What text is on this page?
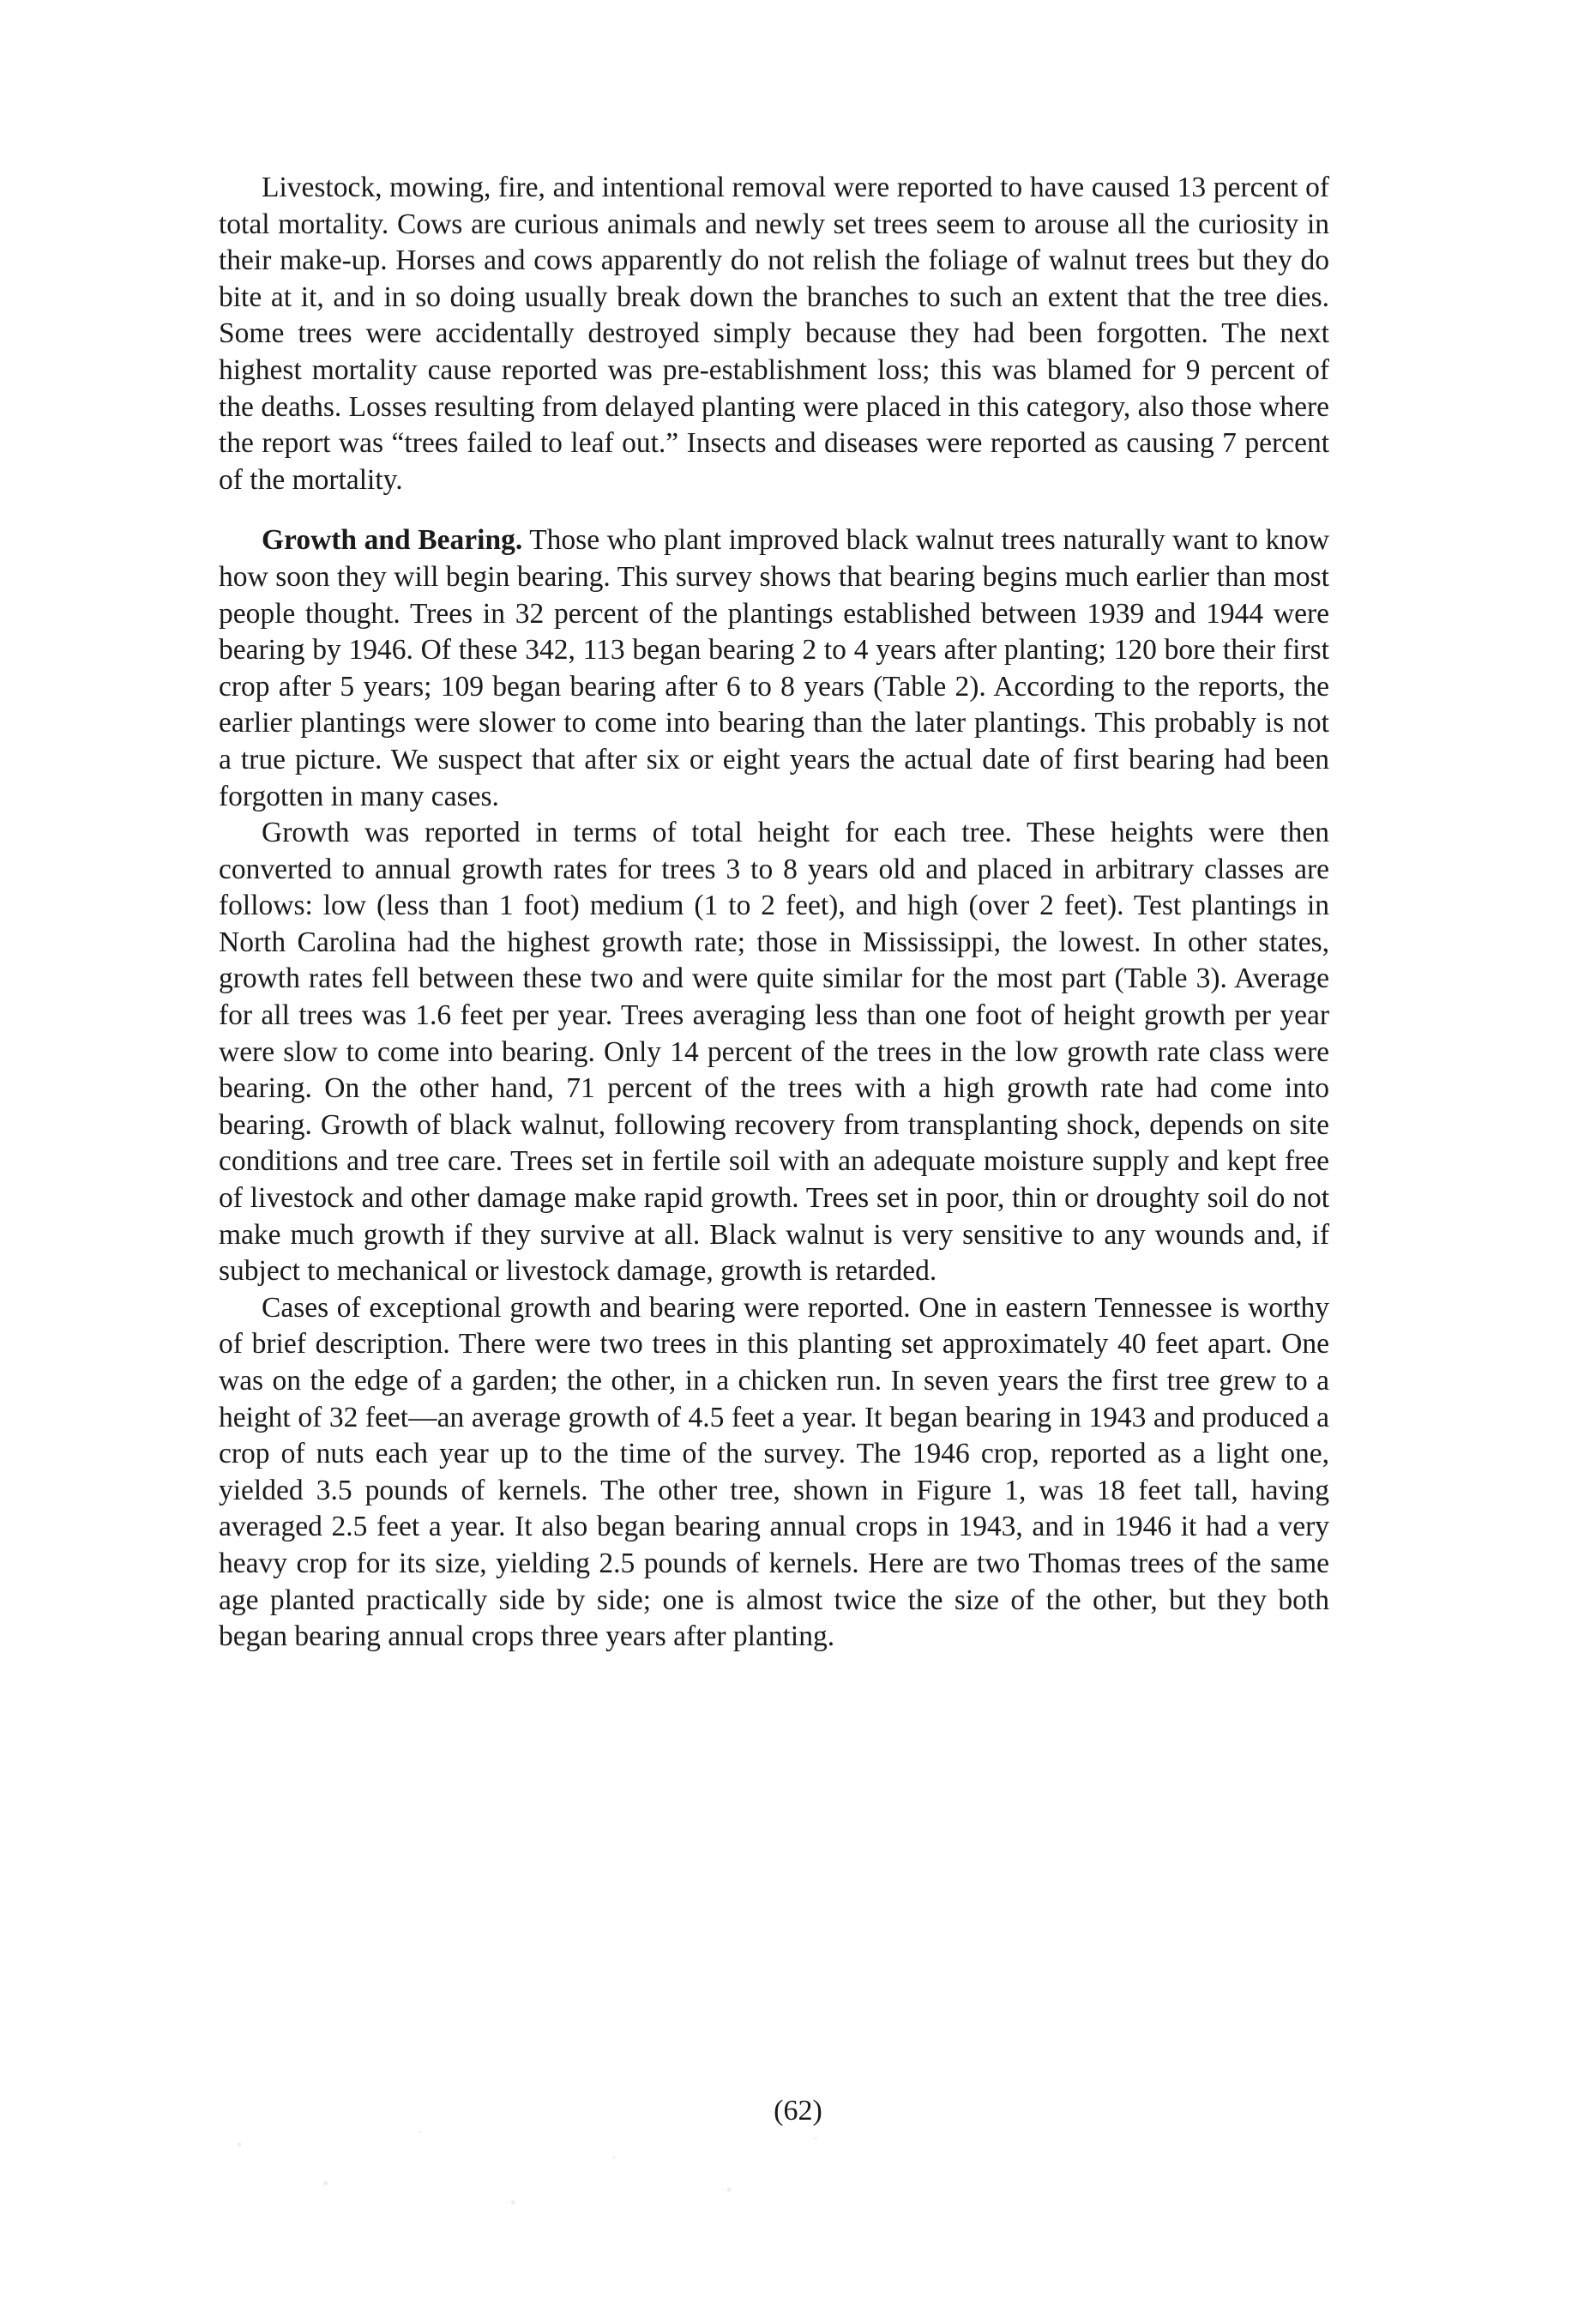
Livestock, mowing, fire, and intentional removal were reported to have caused 13 percent of total mortality. Cows are curious animals and newly set trees seem to arouse all the curiosity in their make-up. Horses and cows apparently do not relish the foliage of walnut trees but they do bite at it, and in so doing usually break down the branches to such an extent that the tree dies. Some trees were accidentally destroyed simply because they had been forgotten. The next highest mortality cause reported was pre-establishment loss; this was blamed for 9 percent of the deaths. Losses resulting from delayed planting were placed in this category, also those where the report was “trees failed to leaf out.” Insects and diseases were reported as causing 7 percent of the mortality.

Growth and Bearing. Those who plant improved black walnut trees naturally want to know how soon they will begin bearing. This survey shows that bearing begins much earlier than most people thought. Trees in 32 percent of the plantings established between 1939 and 1944 were bearing by 1946. Of these 342, 113 began bearing 2 to 4 years after planting; 120 bore their first crop after 5 years; 109 began bearing after 6 to 8 years (Table 2). According to the reports, the earlier plantings were slower to come into bearing than the later plantings. This probably is not a true picture. We suspect that after six or eight years the actual date of first bearing had been forgotten in many cases.

Growth was reported in terms of total height for each tree. These heights were then converted to annual growth rates for trees 3 to 8 years old and placed in arbitrary classes are follows: low (less than 1 foot) medium (1 to 2 feet), and high (over 2 feet). Test plantings in North Carolina had the highest growth rate; those in Mississippi, the lowest. In other states, growth rates fell between these two and were quite similar for the most part (Table 3). Average for all trees was 1.6 feet per year. Trees averaging less than one foot of height growth per year were slow to come into bearing. Only 14 percent of the trees in the low growth rate class were bearing. On the other hand, 71 percent of the trees with a high growth rate had come into bearing. Growth of black walnut, following recovery from transplanting shock, depends on site conditions and tree care. Trees set in fertile soil with an adequate moisture supply and kept free of livestock and other damage make rapid growth. Trees set in poor, thin or droughty soil do not make much growth if they survive at all. Black walnut is very sensitive to any wounds and, if subject to mechanical or livestock damage, growth is retarded.

Cases of exceptional growth and bearing were reported. One in eastern Tennessee is worthy of brief description. There were two trees in this planting set approximately 40 feet apart. One was on the edge of a garden; the other, in a chicken run. In seven years the first tree grew to a height of 32 feet—an average growth of 4.5 feet a year. It began bearing in 1943 and produced a crop of nuts each year up to the time of the survey. The 1946 crop, reported as a light one, yielded 3.5 pounds of kernels. The other tree, shown in Figure 1, was 18 feet tall, having averaged 2.5 feet a year. It also began bearing annual crops in 1943, and in 1946 it had a very heavy crop for its size, yielding 2.5 pounds of kernels. Here are two Thomas trees of the same age planted practically side by side; one is almost twice the size of the other, but they both began bearing annual crops three years after planting.

(62)
